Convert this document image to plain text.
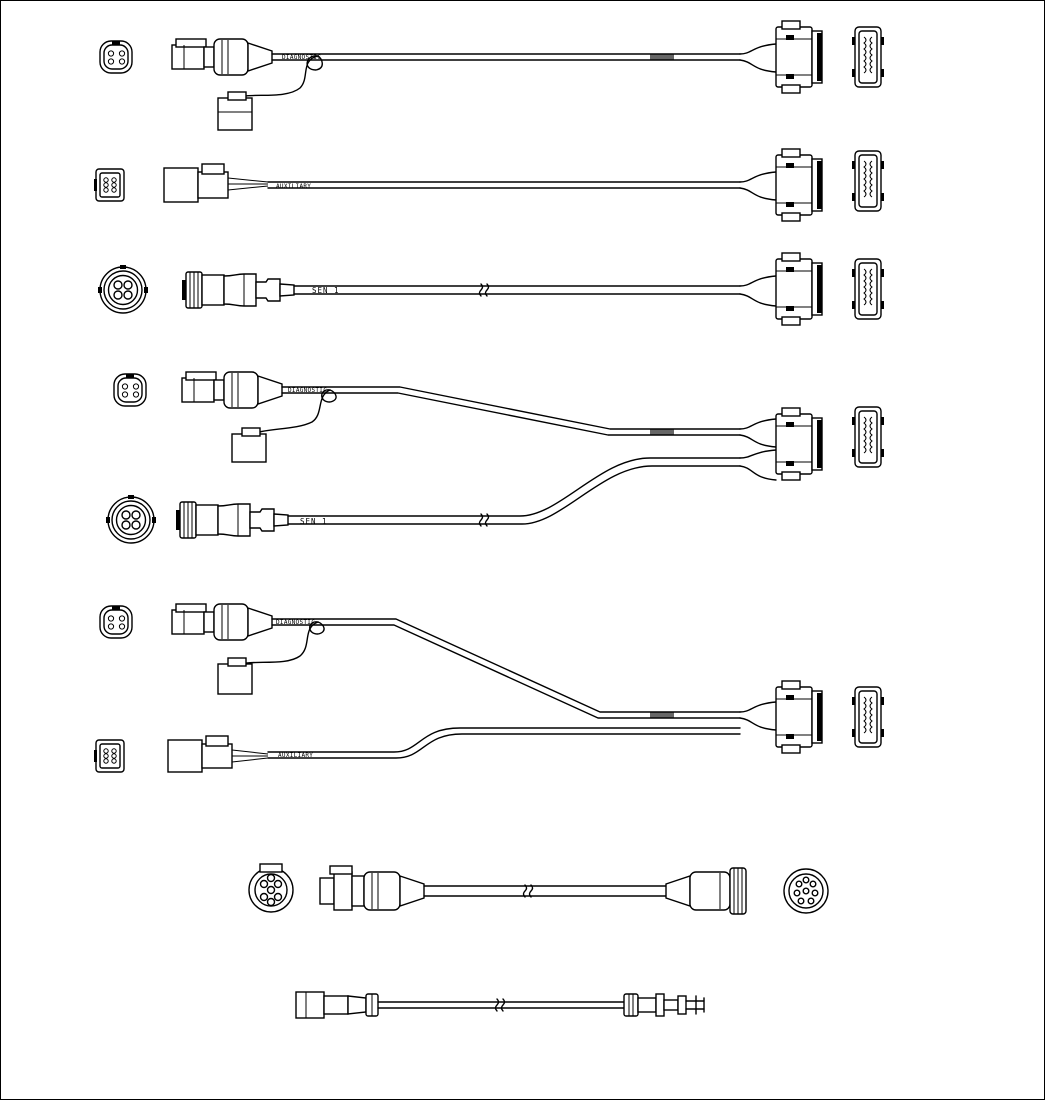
DIAGNOSTIC
AUXILIARY
SEN 1
DIAGNOSTIC
SEN 1
DIAGNOSTIC
AUXILIARY
